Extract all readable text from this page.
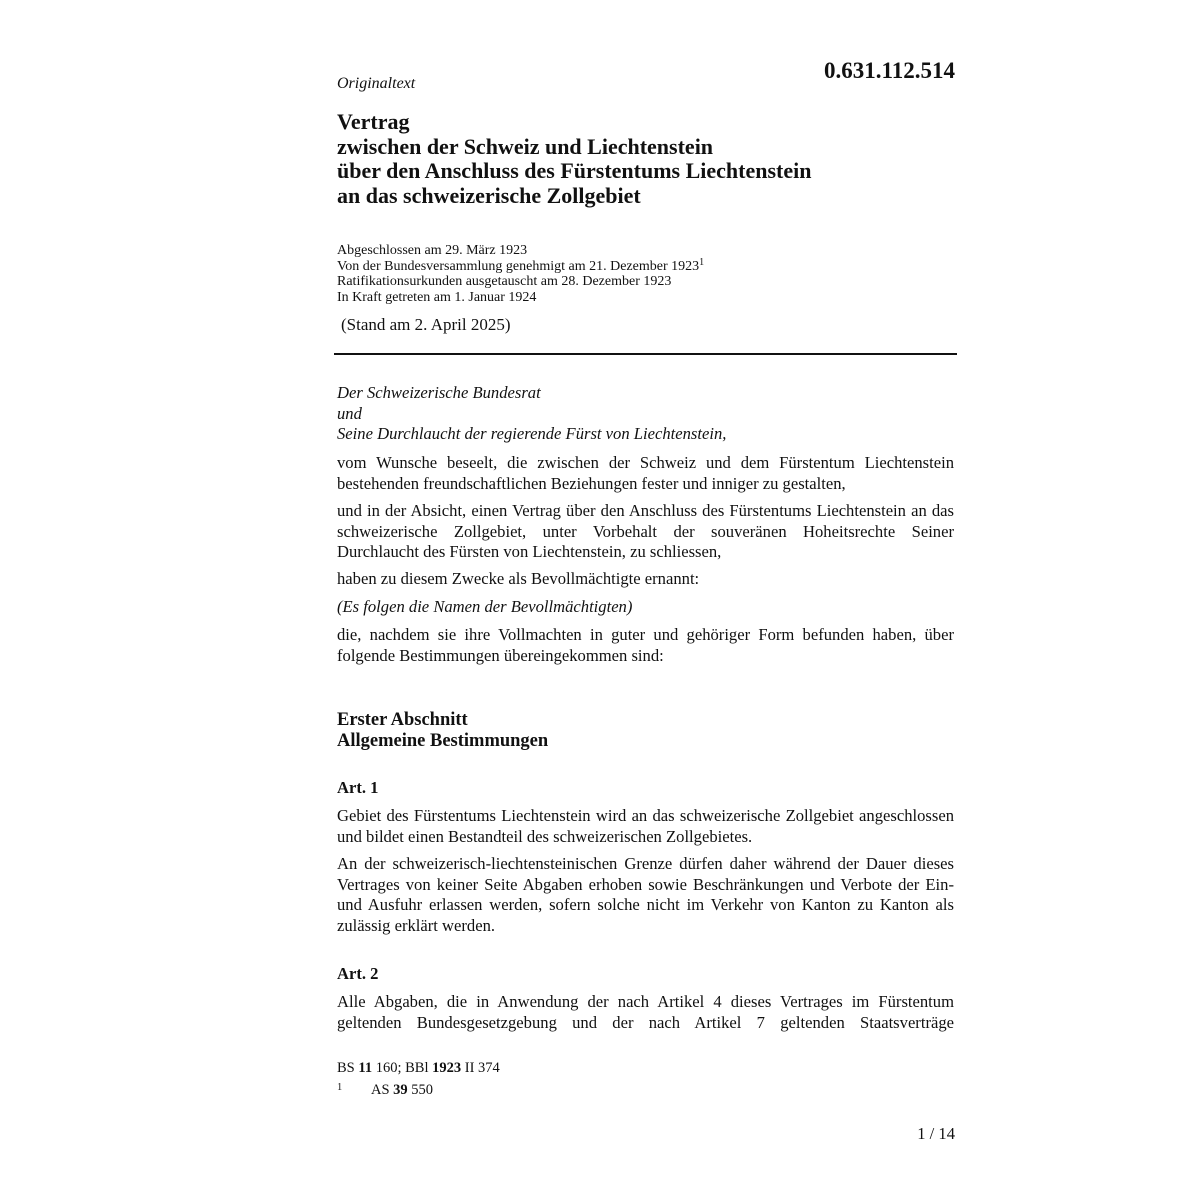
0.631.112.514
Originaltext
Vertrag
zwischen der Schweiz und Liechtenstein
über den Anschluss des Fürstentums Liechtenstein
an das schweizerische Zollgebiet
Abgeschlossen am 29. März 1923
Von der Bundesversammlung genehmigt am 21. Dezember 1923$^1$
Ratifikationsurkunden ausgetauscht am 28. Dezember 1923
In Kraft getreten am 1. Januar 1924
(Stand am 2. April 2025)
Der Schweizerische Bundesrat
und
Seine Durchlaucht der regierende Fürst von Liechtenstein,
vom Wunsche beseelt, die zwischen der Schweiz und dem Fürstentum Liechtenstein bestehenden freundschaftlichen Beziehungen fester und inniger zu gestalten,
und in der Absicht, einen Vertrag über den Anschluss des Fürstentums Liechtenstein an das schweizerische Zollgebiet, unter Vorbehalt der souveränen Hoheitsrechte Seiner Durchlaucht des Fürsten von Liechtenstein, zu schliessen,
haben zu diesem Zwecke als Bevollmächtigte ernannt:
(Es folgen die Namen der Bevollmächtigten)
die, nachdem sie ihre Vollmachten in guter und gehöriger Form befunden haben, über folgende Bestimmungen übereingekommen sind:
Erster Abschnitt
Allgemeine Bestimmungen
Art. 1
Gebiet des Fürstentums Liechtenstein wird an das schweizerische Zollgebiet angeschlossen und bildet einen Bestandteil des schweizerischen Zollgebietes.
An der schweizerisch-liechtensteinischen Grenze dürfen daher während der Dauer dieses Vertrages von keiner Seite Abgaben erhoben sowie Beschränkungen und Verbote der Ein- und Ausfuhr erlassen werden, sofern solche nicht im Verkehr von Kanton zu Kanton als zulässig erklärt werden.
Art. 2
Alle Abgaben, die in Anwendung der nach Artikel 4 dieses Vertrages im Fürstentum geltenden Bundesgesetzgebung und der nach Artikel 7 geltenden Staatsverträge
BS 11 160; BBl 1923 II 374
1 AS 39 550
1 / 14
